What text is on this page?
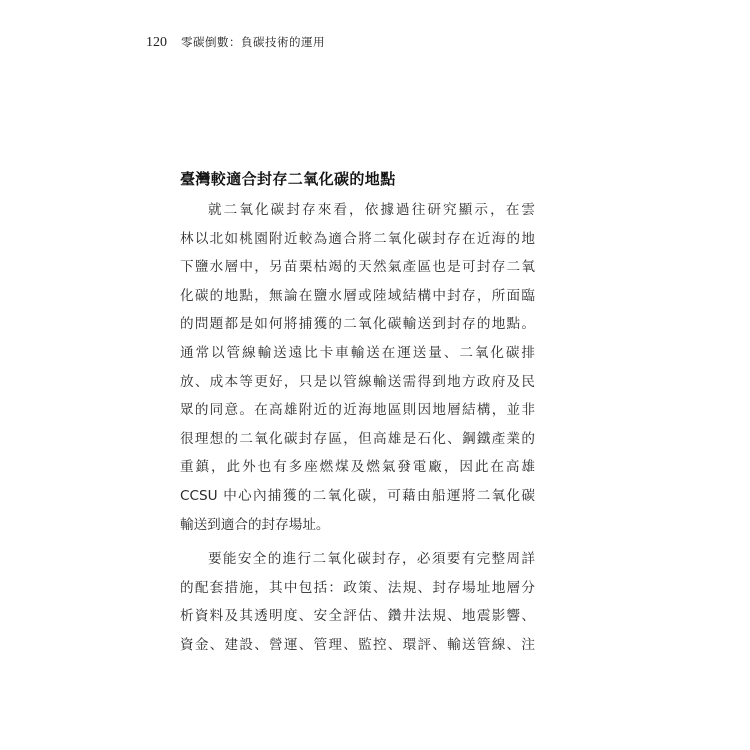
120 零碳倒數：負碳技術的運用
臺灣較適合封存二氧化碳的地點
就二氧化碳封存來看，依據過往研究顯示，在雲
林以北如桃園附近較為適合將二氧化碳封存在近海的地
下鹽水層中，另苗栗枯竭的天然氣產區也是可封存二氧
化碳的地點，無論在鹽水層或陸域結構中封存，所面臨
的問題都是如何將捕獲的二氧化碳輸送到封存的地點。
通常以管線輸送遠比卡車輸送在運送量、二氧化碳排
放、成本等更好，只是以管線輸送需得到地方政府及民
眾的同意。在高雄附近的近海地區則因地層結構，並非
很理想的二氧化碳封存區，但高雄是石化、鋼鐵產業的
重鎮，此外也有多座燃煤及燃氣發電廠，因此在高雄
CCSU 中心內捕獲的二氧化碳，可藉由船運將二氧化碳
輸送到適合的封存場址。
要能安全的進行二氧化碳封存，必須要有完整周詳
的配套措施，其中包括：政策、法規、封存場址地層分
析資料及其透明度、安全評估、鑽井法規、地震影響、
資金、建設、營運、管理、監控、環評、輸送管線、注
